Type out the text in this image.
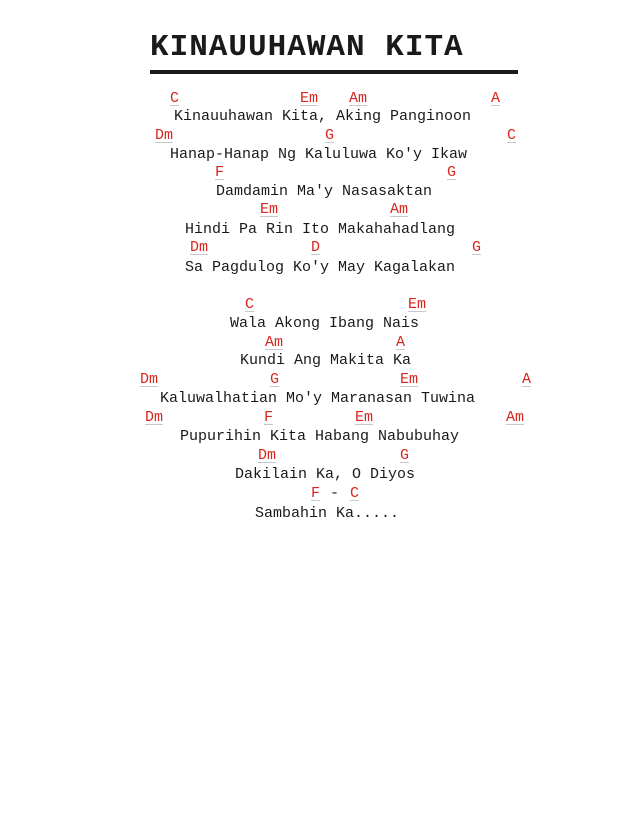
KINAUUHAWAN KITA
C	Em Am	A
Kinauuhawan Kita, Aking Panginoon
Dm	G	C
Hanap-Hanap Ng Kaluluwa Ko'y Ikaw
F	G
Damdamin Ma'y Nasasaktan
Em	Am
Hindi Pa Rin Ito Makahahadlang
Dm	D	G
Sa Pagdulog Ko'y May Kagalakan
C	Em
Wala Akong Ibang Nais
Am	A
Kundi Ang Makita Ka
Dm	G	Em	A
Kaluwalhatian Mo'y Maranasan Tuwina
Dm	F	Em	Am
Pupurihin Kita Habang Nabubuhay
Dm	G
Dakilain Ka, O Diyos
F - C
Sambahin Ka.....
